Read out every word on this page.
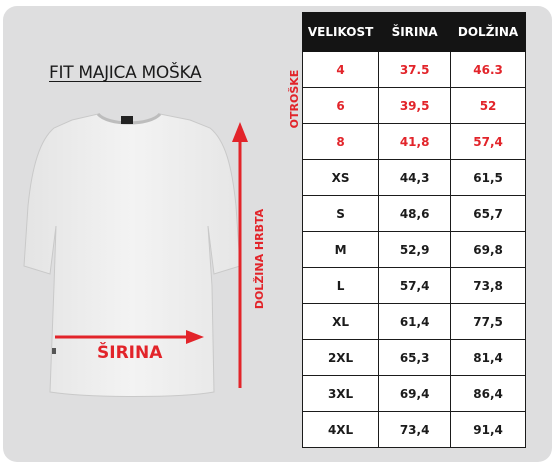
FIT MAJICA MOŠKA	OTROŠKE
DOLŽINA HRBTA
ŠIRINA
VELIKOST	ŠIRINA	DOLŽINA
4	37.5	46.3
6	39,5	52
8	41,8	57,4
XS	44,3	61,5
S	48,6	65,7
M	52,9	69,8
L	57,4	73,8
XL	61,4	77,5
2XL	65,3	81,4
3XL	69,4	86,4
4XL	73,4	91,4
